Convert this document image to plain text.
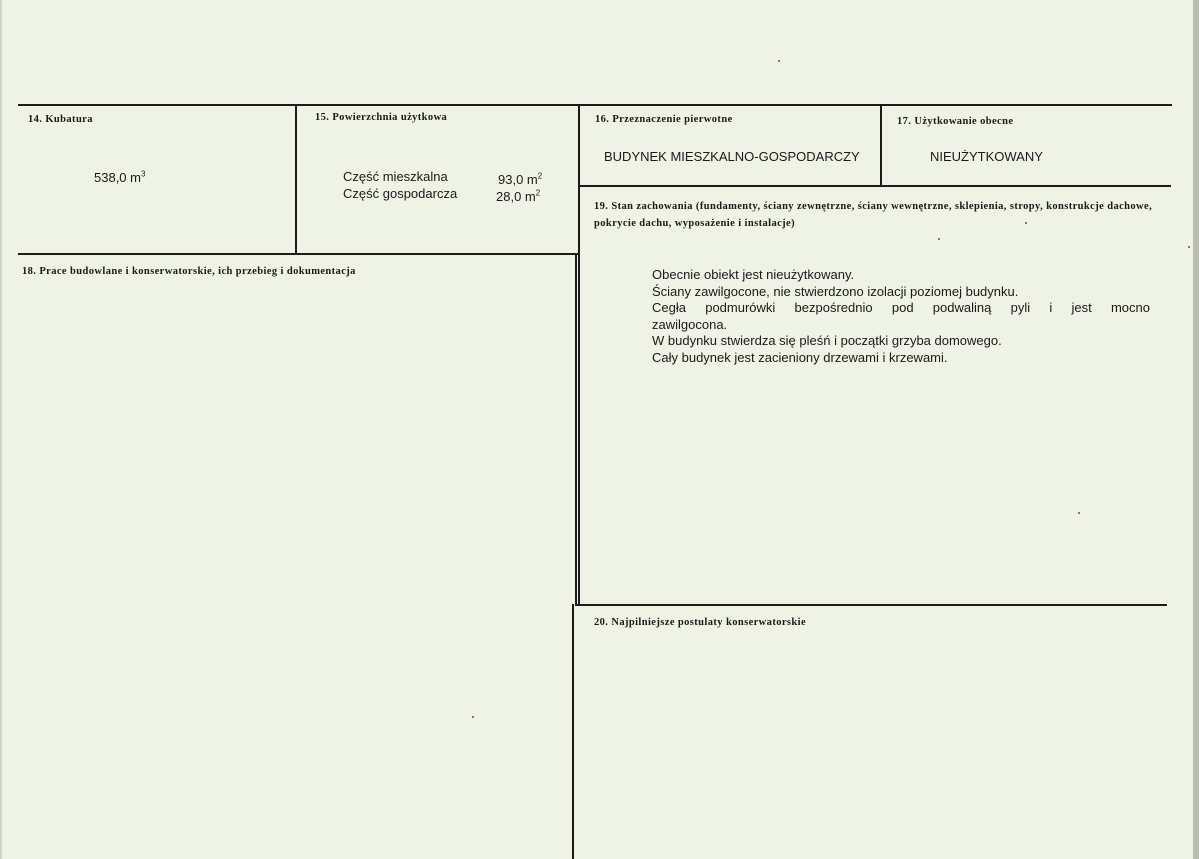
14. Kubatura
538,0 $m^3$
15. Powierzchnia użytkowa
Część mieszkalna	93,0 $m^2$
Część gospodarcza	28,0 $m^2$
16. Przeznaczenie pierwotne
BUDYNEK MIESZKALNO-GOSPODARCZY
17. Użytkowanie obecne
NIEUŻYTKOWANY
18. Prace budowlane i konserwatorskie, ich przebieg i dokumentacja
19. Stan zachowania (fundamenty, ściany zewnętrzne, ściany wewnętrzne, sklepienia, stropy, konstrukcje dachowe, pokrycie dachu, wyposażenie i instalacje)
Obecnie obiekt jest nieużytkowany.
Ściany zawilgocone, nie stwierdzono izolacji poziomej budynku.
Cegła podmurówki bezpośrednio pod podwaliną pyli i jest mocno
zawilgocona.
W budynku stwierdza się pleśń i początki grzyba domowego.
Cały budynek jest zacieniony drzewami i krzewami.
20. Najpilniejsze postulaty konserwatorskie
